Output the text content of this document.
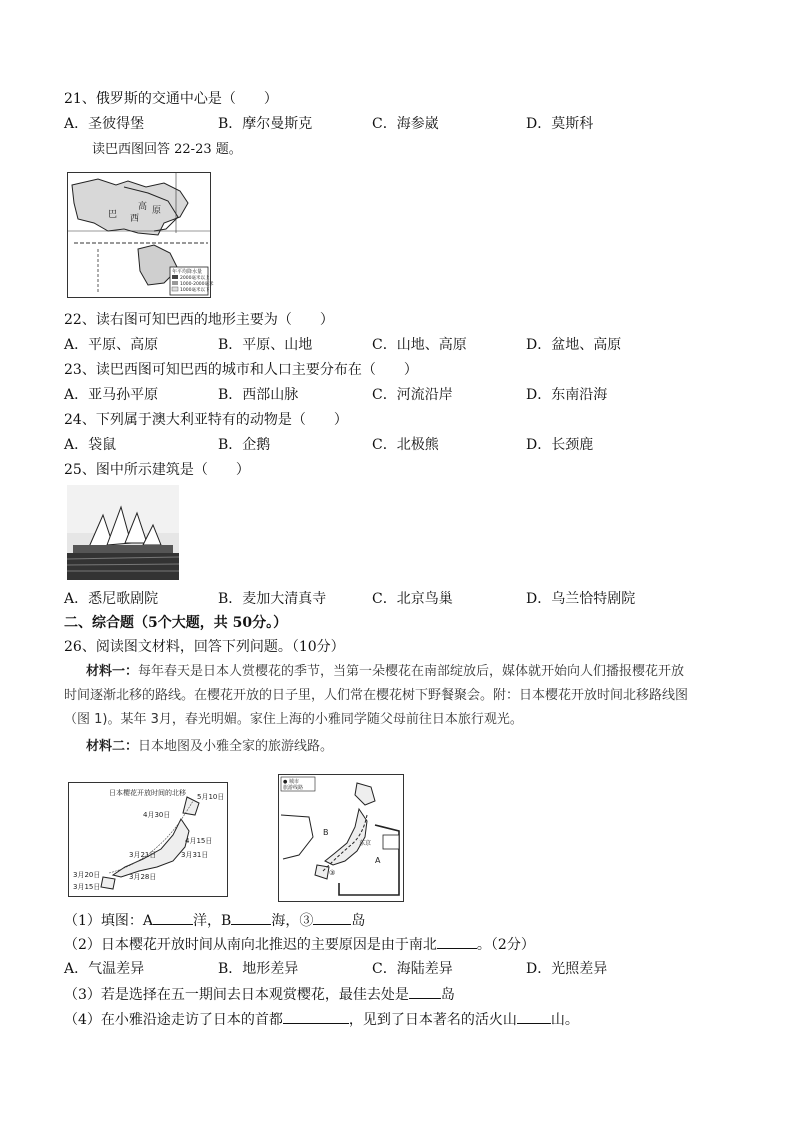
21、俄罗斯的交通中心是（　　）
A．圣彼得堡	B．摩尔曼斯克	C．海参崴	D．莫斯科
读巴西图回答 22-23 题。
巴 西
高 原
年平均降水量
2000毫米以上
1000-2000毫米
1000毫米以下
22、读右图可知巴西的地形主要为（　　）
A．平原、高原	B．平原、山地	C．山地、高原	D．盆地、高原
23、读巴西图可知巴西的城市和人口主要分布在（　　）
A．亚马孙平原	B．西部山脉	C．河流沿岸	D．东南沿海
24、下列属于澳大利亚特有的动物是（　　）
A．袋鼠	B．企鹅	C．北极熊	D．长颈鹿
25、图中所示建筑是（　　）
A．悉尼歌剧院	B．麦加大清真寺	C．北京鸟巢	D．乌兰恰特剧院
二、综合题（5个大题，共 50分。）
26、阅读图文材料，回答下列问题。（10分）
材料一：每年春天是日本人赏樱花的季节，当第一朵樱花在南部绽放后，媒体就开始向人们播报樱花开放
时间逐渐北移的路线。在樱花开放的日子里，人们常在樱花树下野餐聚会。附：日本樱花开放时间北移路线图
（图 1)。某年 3月，春光明媚。家住上海的小雅同学随父母前往日本旅行观光。
材料二：日本地图及小雅全家的旅游线路。
日本樱花开放时间的北移 5月10日
4月30日
4月15日
3月31日
3月21日
3月20日	3月28日
3月15日
● 城市
旅游线路
B
A
③
东京
（1）填图：A	洋，B	海，③	岛
（2）日本樱花开放时间从南向北推迟的主要原因是由于南北	。（2分）
A．气温差异	B．地形差异	C．海陆差异	D．光照差异
（3）若是选择在五一期间去日本观赏樱花，最佳去处是 岛
（4）在小雅沿途走访了日本的首都	，见到了日本著名的活火山 山。
